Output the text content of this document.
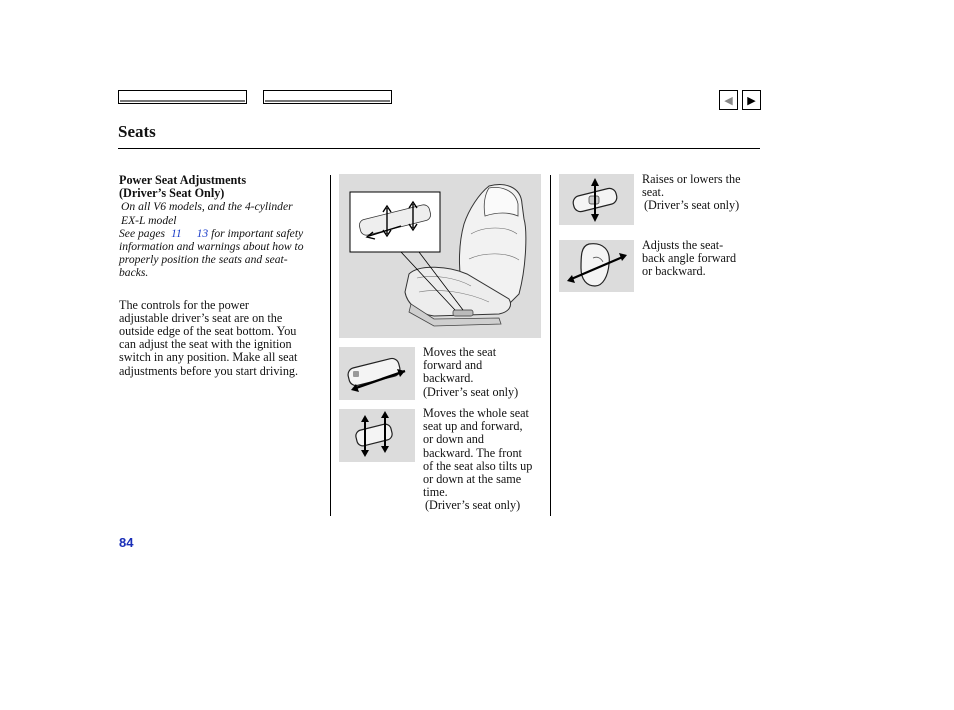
◀ ▶
Seats
Power Seat Adjustments
(Driver’s Seat Only)
On all V6 models, and the 4-cylinder
EX-L model
See pages 11 13 for important safety
information and warnings about how to
properly position the seats and seat-
backs.
The controls for the power
adjustable driver’s seat are on the
outside edge of the seat bottom. You
can adjust the seat with the ignition
switch in any position. Make all seat
adjustments before you start driving.
Moves the seat
forward and
backward.
(Driver’s seat only)
Moves the whole seat
seat up and forward,
or down and
backward. The front
of the seat also tilts up
or down at the same
time.
(Driver’s seat only)
Raises or lowers the
seat.
(Driver’s seat only)
Adjusts the seat-
back angle forward
or backward.
84
